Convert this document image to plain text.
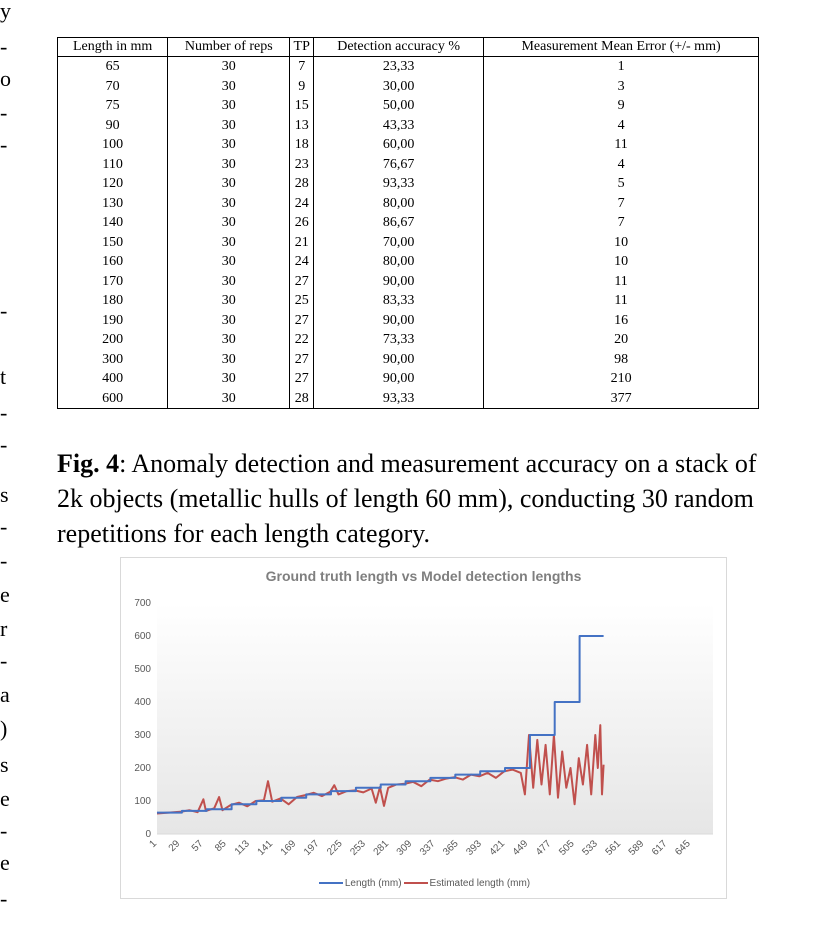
y
-
o
-
-
-
t
-
-
s
-
-
e
r
-
a
)
s
e
-
e
-
Length in mm	Number of reps	TP	Detection accuracy %	Measurement Mean Error (+/- mm)
65	30	7	23,33	1
70	30	9	30,00	3
75	30	15	50,00	9
90	30	13	43,33	4
100	30	18	60,00	11
110	30	23	76,67	4
120	30	28	93,33	5
130	30	24	80,00	7
140	30	26	86,67	7
150	30	21	70,00	10
160	30	24	80,00	10
170	30	27	90,00	11
180	30	25	83,33	11
190	30	27	90,00	16
200	30	22	73,33	20
300	30	27	90,00	98
400	30	27	90,00	210
600	30	28	93,33	377
Fig. 4: Anomaly detection and measurement accuracy on a stack of 2k objects (metallic hulls of length 60 mm), conducting 30 random repetitions for each length category.
Ground truth length vs Model detection lengths
0
100
200
300
400
500
600
700
1 29 57 85 113 141 169 197 225 253 281 309 337 365 393 421 449 477 505 533 561 589 617 645
Length (mm)	Estimated length (mm)
